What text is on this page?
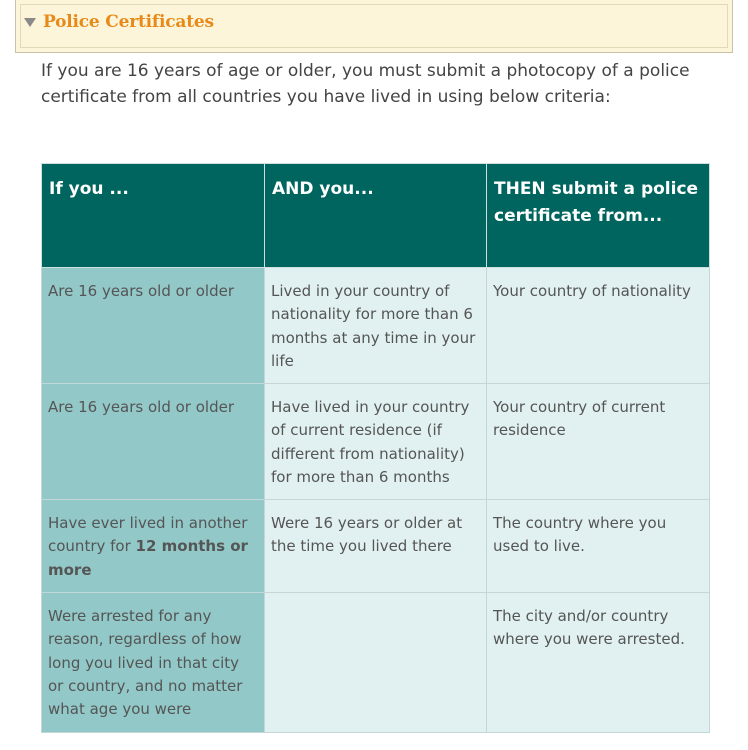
Police Certificates

If you are 16 years of age or older, you must submit a photocopy of a police certificate from all countries you have lived in using below criteria:

If you ...	AND you...	THEN submit a police certificate from...
Are 16 years old or older	Lived in your country of nationality for more than 6 months at any time in your life	Your country of nationality
Are 16 years old or older	Have lived in your country of current residence (if different from nationality) for more than 6 months	Your country of current residence
Have ever lived in another country for 12 months or more	Were 16 years or older at the time you lived there	The country where you used to live.
Were arrested for any reason, regardless of how long you lived in that city or country, and no matter what age you were		The city and/or country where you were arrested.
